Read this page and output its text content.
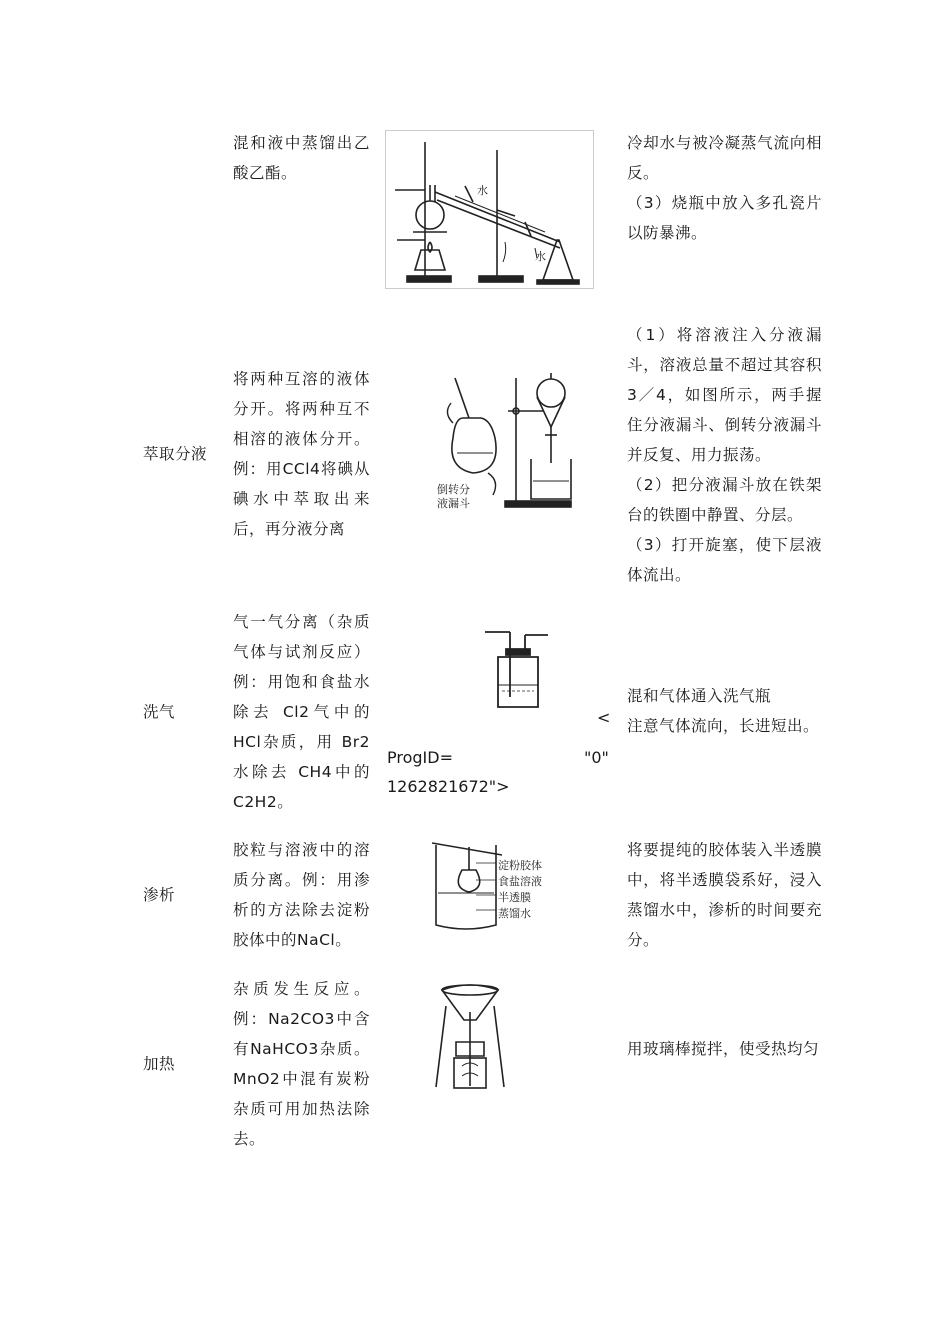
混和液中蒸馏出乙酸乙酯。
水
水
冷却水与被冷凝蒸气流向相反。
（3）烧瓶中放入多孔瓷片以防暴沸。
萃取分液
将两种互溶的液体分开。将两种互不相溶的液体分开。例：用CCl4将碘从碘水中萃取出来后，再分液分离
倒转分
液漏斗
（1）将溶液注入分液漏斗，溶液总量不超过其容积3／4，如图所示，两手握住分液漏斗、倒转分液漏斗并反复、用力振荡。
（2）把分液漏斗放在铁架台的铁圈中静置、分层。
（3）打开旋塞，使下层液体流出。
洗气
气一气分离（杂质气体与试剂反应）例：用饱和食盐水除去 Cl2气中的HCl杂质，用 Br2水除去 CH4中的C2H2。
<
ProgID=	"0"
1262821672">
混和气体通入洗气瓶
注意气体流向，长进短出。
渗析
胶粒与溶液中的溶质分离。例：用渗析的方法除去淀粉胶体中的NaCl。
淀粉胶体
食盐溶液
半透膜
蒸馏水
将要提纯的胶体装入半透膜中，将半透膜袋系好，浸入蒸馏水中，渗析的时间要充分。
加热
杂质发生反应。例：Na2CO3中含有NaHCO3杂质。MnO2中混有炭粉杂质可用加热法除去。
用玻璃棒搅拌，使受热均匀
